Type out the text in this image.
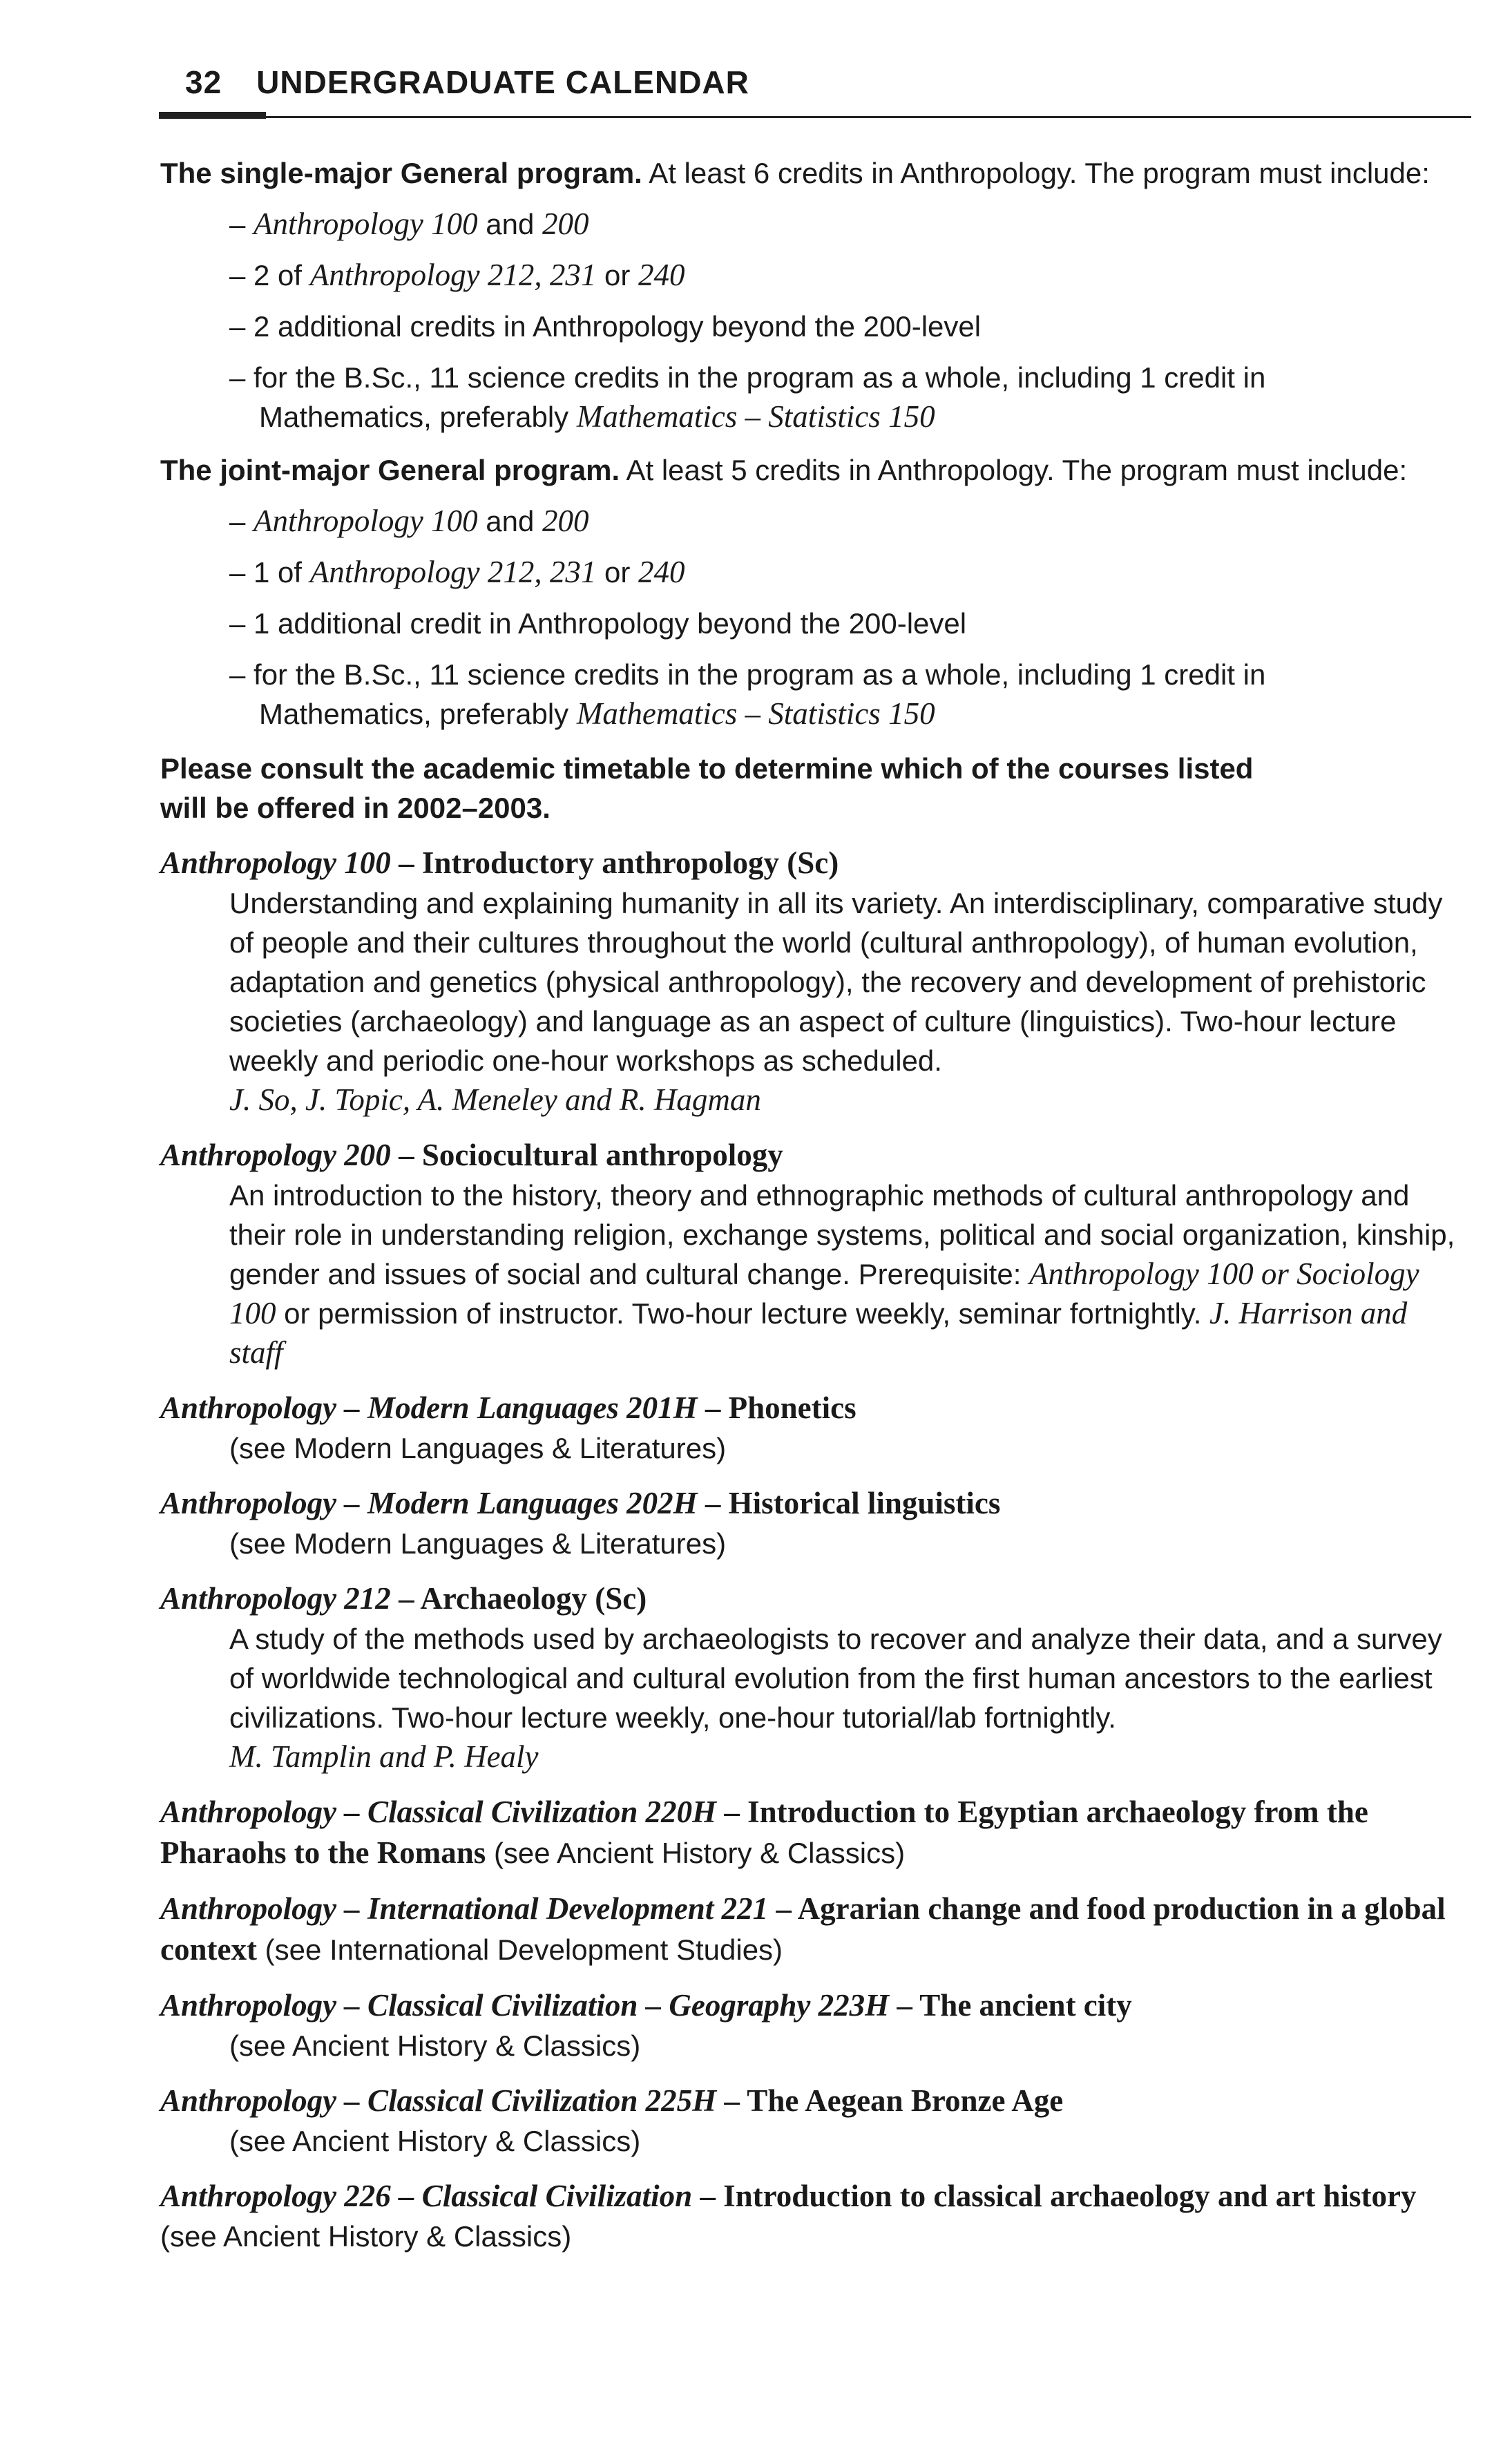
32 UNDERGRADUATE CALENDAR

The single-major General program. At least 6 credits in Anthropology. The program must include:

– Anthropology 100 and 200
– 2 of Anthropology 212, 231 or 240
– 2 additional credits in Anthropology beyond the 200-level
– for the B.Sc., 11 science credits in the program as a whole, including 1 credit in
Mathematics, preferably Mathematics – Statistics 150

The joint-major General program. At least 5 credits in Anthropology. The program must include:

– Anthropology 100 and 200
– 1 of Anthropology 212, 231 or 240
– 1 additional credit in Anthropology beyond the 200-level
– for the B.Sc., 11 science credits in the program as a whole, including 1 credit in
Mathematics, preferably Mathematics – Statistics 150
Please consult the academic timetable to determine which of the courses listed will be offered in 2002–2003.
Anthropology 100 – Introductory anthropology (Sc)

Understanding and explaining humanity in all its variety. An interdisciplinary, comparative study of people and their cultures throughout the world (cultural anthropology), of human evolution, adaptation and genetics (physical anthropology), the recovery and development of prehistoric societies (archaeology) and language as an aspect of culture (linguistics). Two-hour lecture weekly and periodic one-hour workshops as scheduled.

J. So, J. Topic, A. Meneley and R. Hagman
Anthropology 200 – Sociocultural anthropology

An introduction to the history, theory and ethnographic methods of cultural anthropology and their role in understanding religion, exchange systems, political and social organization, kinship, gender and issues of social and cultural change. Prerequisite: Anthropology 100 or Sociology 100 or permission of instructor. Two-hour lecture weekly, seminar fortnightly. J. Harrison and staff

Anthropology – Modern Languages 201H – Phonetics

(see Modern Languages & Literatures)

Anthropology – Modern Languages 202H – Historical linguistics

(see Modern Languages & Literatures)

Anthropology 212 – Archaeology (Sc)

A study of the methods used by archaeologists to recover and analyze their data, and a survey of worldwide technological and cultural evolution from the first human ancestors to the earliest civilizations. Two-hour lecture weekly, one-hour tutorial/lab fortnightly.

M. Tamplin and P. Healy
Anthropology – Classical Civilization 220H – Introduction to Egyptian archaeology from the Pharaohs to the Romans (see Ancient History & Classics)
Anthropology – International Development 221 – Agrarian change and food production in a global context (see International Development Studies)
Anthropology – Classical Civilization – Geography 223H – The ancient city

(see Ancient History & Classics)

Anthropology – Classical Civilization 225H – The Aegean Bronze Age

(see Ancient History & Classics)

Anthropology 226 – Classical Civilization – Introduction to classical archaeology and art history (see Ancient History & Classics)
